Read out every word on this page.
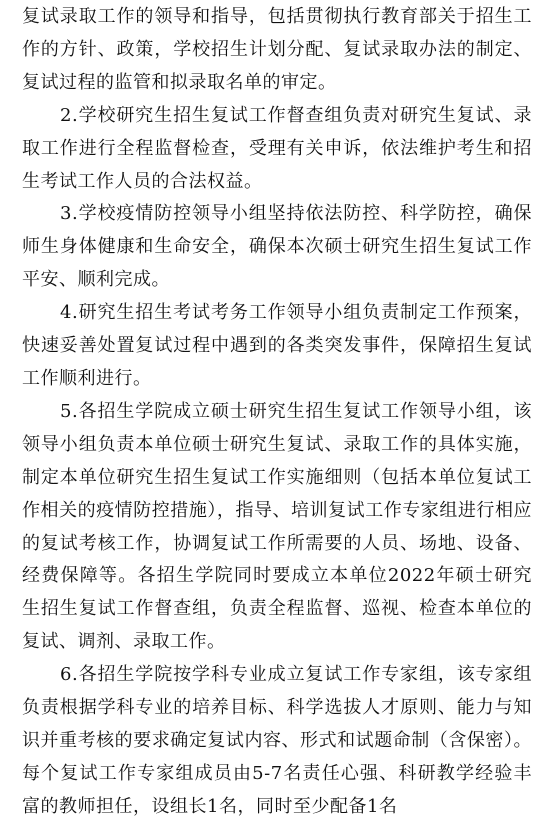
复试录取工作的领导和指导，包括贯彻执行教育部关于招生工作的方针、政策，学校招生计划分配、复试录取办法的制定、复试过程的监管和拟录取名单的审定。

2.学校研究生招生复试工作督查组负责对研究生复试、录取工作进行全程监督检查，受理有关申诉，依法维护考生和招生考试工作人员的合法权益。

3.学校疫情防控领导小组坚持依法防控、科学防控，确保师生身体健康和生命安全，确保本次硕士研究生招生复试工作平安、顺利完成。

4.研究生招生考试考务工作领导小组负责制定工作预案，快速妥善处置复试过程中遇到的各类突发事件，保障招生复试工作顺利进行。

5.各招生学院成立硕士研究生招生复试工作领导小组，该领导小组负责本单位硕士研究生复试、录取工作的具体实施，制定本单位研究生招生复试工作实施细则（包括本单位复试工作相关的疫情防控措施），指导、培训复试工作专家组进行相应的复试考核工作，协调复试工作所需要的人员、场地、设备、经费保障等。各招生学院同时要成立本单位2022年硕士研究生招生复试工作督查组，负责全程监督、巡视、检查本单位的复试、调剂、录取工作。

6.各招生学院按学科专业成立复试工作专家组，该专家组负责根据学科专业的培养目标、科学选拔人才原则、能力与知识并重考核的要求确定复试内容、形式和试题命制（含保密）。每个复试工作专家组成员由5-7名责任心强、科研教学经验丰富的教师担任，设组长1名，同时至少配备1名
